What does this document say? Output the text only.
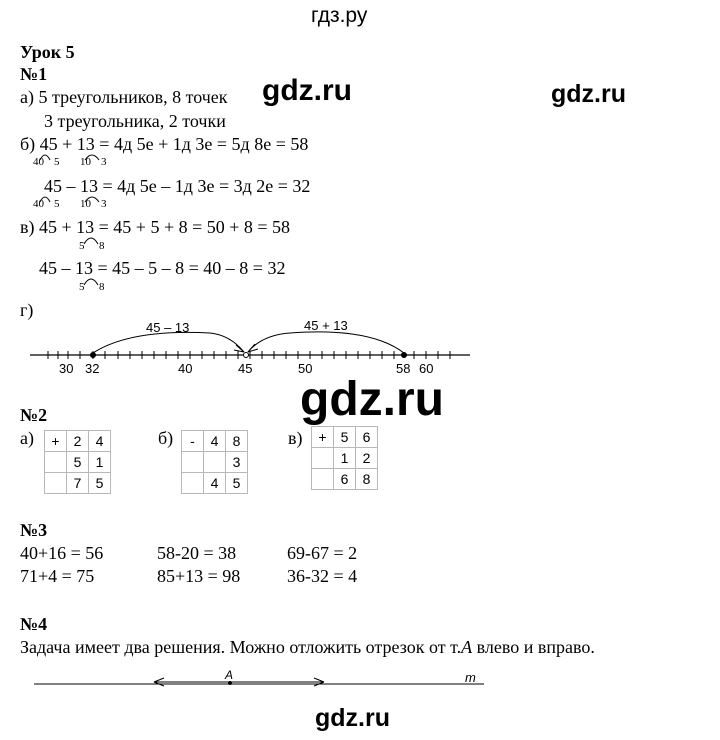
гдз.ру
gdz.ru	gdz.ru
gdz.ru
gdz.ru
Урок 5
№1
а) 5 треугольников, 8 точек
3 треугольника, 2 точки
б) 45 + 13 = 4д 5е + 1д 3е = 5д 8е = 58
40 5 10 3
45 – 13 = 4д 5е – 1д 3е = 3д 2е = 32
40 5 10 3
в) 45 + 13 = 45 + 5 + 8 = 50 + 8 = 58
5 8
45 – 13 = 45 – 5 – 8 = 40 – 8 = 32
5 8
г)
45 – 13	45 + 13
30 32	40	45	50	58 60
№2
а) +	2	4
	5	1
	7	5
б) -	4	8
		3
	4	5
в) +	5	6
	1	2
	6	8
№3
40+16 = 56	58-20 = 38	69-67 = 2
71+4 = 75	85+13 = 98	36-32 = 4
№4
Задача имеет два решения. Можно отложить отрезок от т.A влево и вправо.
A	m
